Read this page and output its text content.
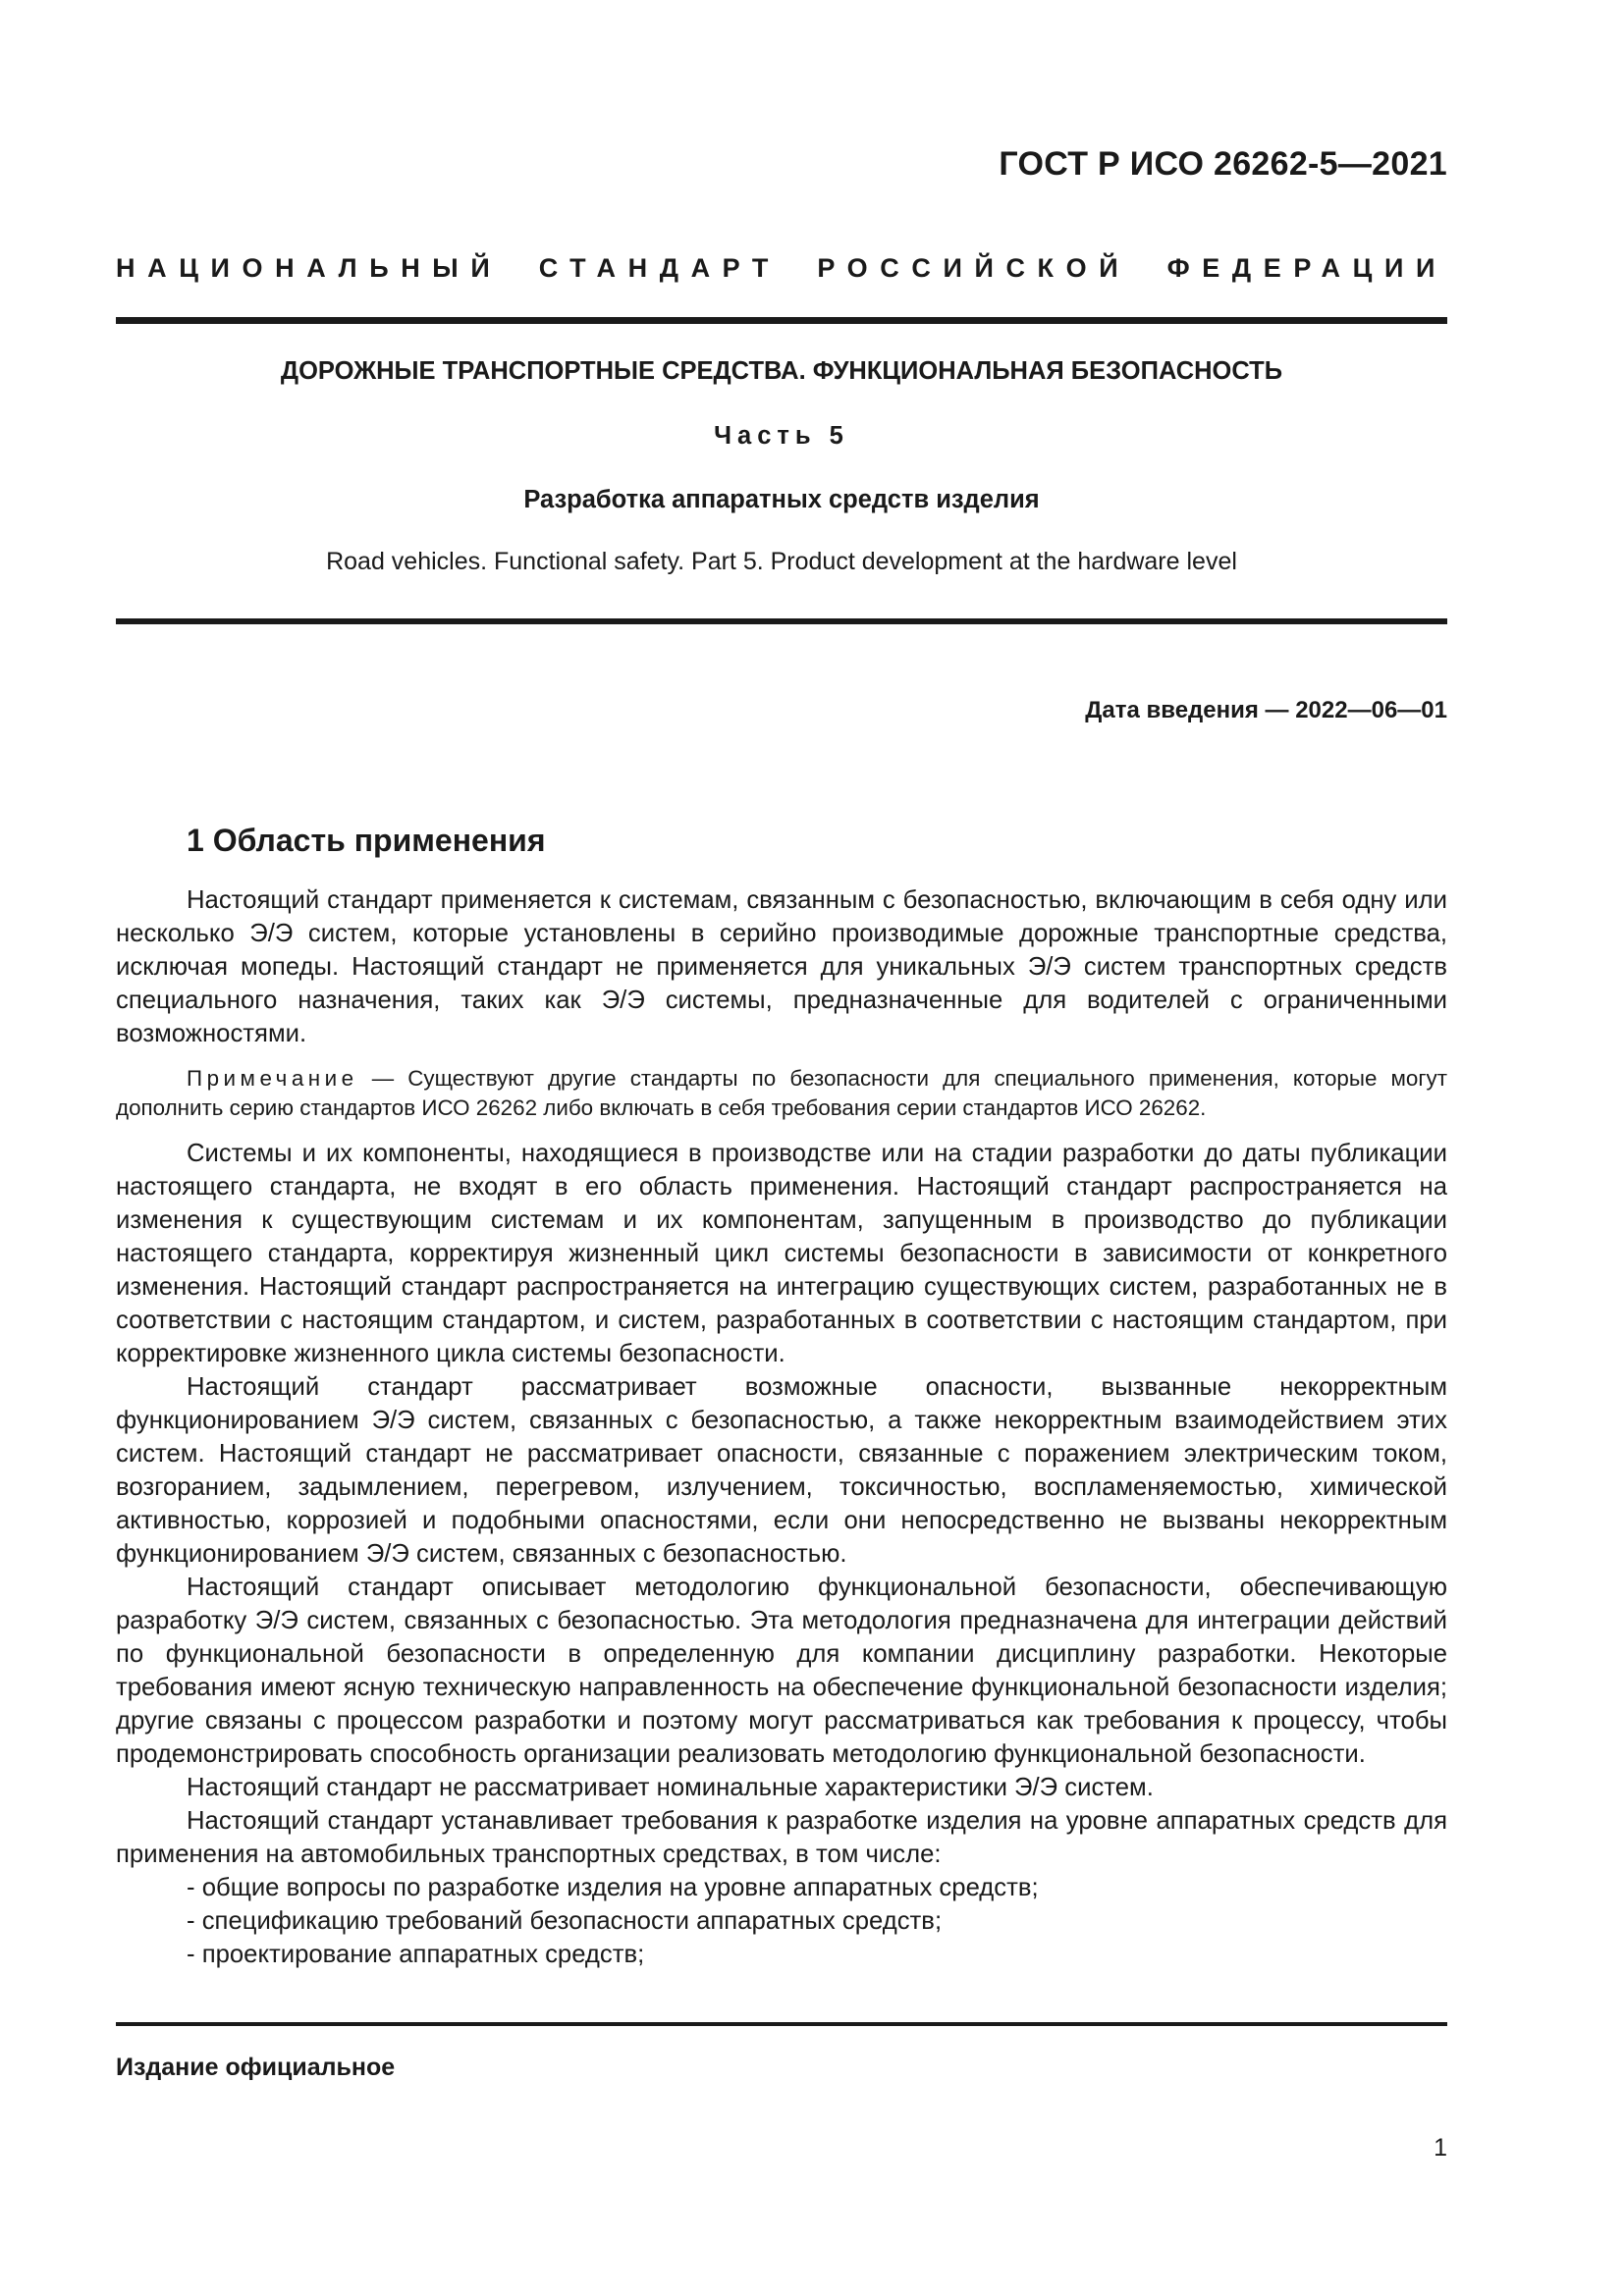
ГОСТ Р ИСО 26262-5—2021
НАЦИОНАЛЬНЫЙ СТАНДАРТ РОССИЙСКОЙ ФЕДЕРАЦИИ
ДОРОЖНЫЕ ТРАНСПОРТНЫЕ СРЕДСТВА. ФУНКЦИОНАЛЬНАЯ БЕЗОПАСНОСТЬ
Часть 5
Разработка аппаратных средств изделия
Road vehicles. Functional safety. Part 5. Product development at the hardware level
Дата введения — 2022—06—01
1 Область применения

Настоящий стандарт применяется к системам, связанным с безопасностью, включающим в себя одну или несколько Э/Э систем, которые установлены в серийно производимые дорожные транспортные средства, исключая мопеды. Настоящий стандарт не применяется для уникальных Э/Э систем транспортных средств специального назначения, таких как Э/Э системы, предназначенные для водителей с ограниченными возможностями.

Примечание — Существуют другие стандарты по безопасности для специального применения, которые могут дополнить серию стандартов ИСО 26262 либо включать в себя требования серии стандартов ИСО 26262.

Системы и их компоненты, находящиеся в производстве или на стадии разработки до даты публикации настоящего стандарта, не входят в его область применения. Настоящий стандарт распространяется на изменения к существующим системам и их компонентам, запущенным в производство до публикации настоящего стандарта, корректируя жизненный цикл системы безопасности в зависимости от конкретного изменения. Настоящий стандарт распространяется на интеграцию существующих систем, разработанных не в соответствии с настоящим стандартом, и систем, разработанных в соответствии с настоящим стандартом, при корректировке жизненного цикла системы безопасности.

Настоящий стандарт рассматривает возможные опасности, вызванные некорректным функционированием Э/Э систем, связанных с безопасностью, а также некорректным взаимодействием этих систем. Настоящий стандарт не рассматривает опасности, связанные с поражением электрическим током, возгоранием, задымлением, перегревом, излучением, токсичностью, воспламеняемостью, химической активностью, коррозией и подобными опасностями, если они непосредственно не вызваны некорректным функционированием Э/Э систем, связанных с безопасностью.

Настоящий стандарт описывает методологию функциональной безопасности, обеспечивающую разработку Э/Э систем, связанных с безопасностью. Эта методология предназначена для интеграции действий по функциональной безопасности в определенную для компании дисциплину разработки. Некоторые требования имеют ясную техническую направленность на обеспечение функциональной безопасности изделия; другие связаны с процессом разработки и поэтому могут рассматриваться как требования к процессу, чтобы продемонстрировать способность организации реализовать методологию функциональной безопасности.

Настоящий стандарт не рассматривает номинальные характеристики Э/Э систем.

Настоящий стандарт устанавливает требования к разработке изделия на уровне аппаратных средств для применения на автомобильных транспортных средствах, в том числе:

- общие вопросы по разработке изделия на уровне аппаратных средств;

- спецификацию требований безопасности аппаратных средств;

- проектирование аппаратных средств;

Издание официальное
1
